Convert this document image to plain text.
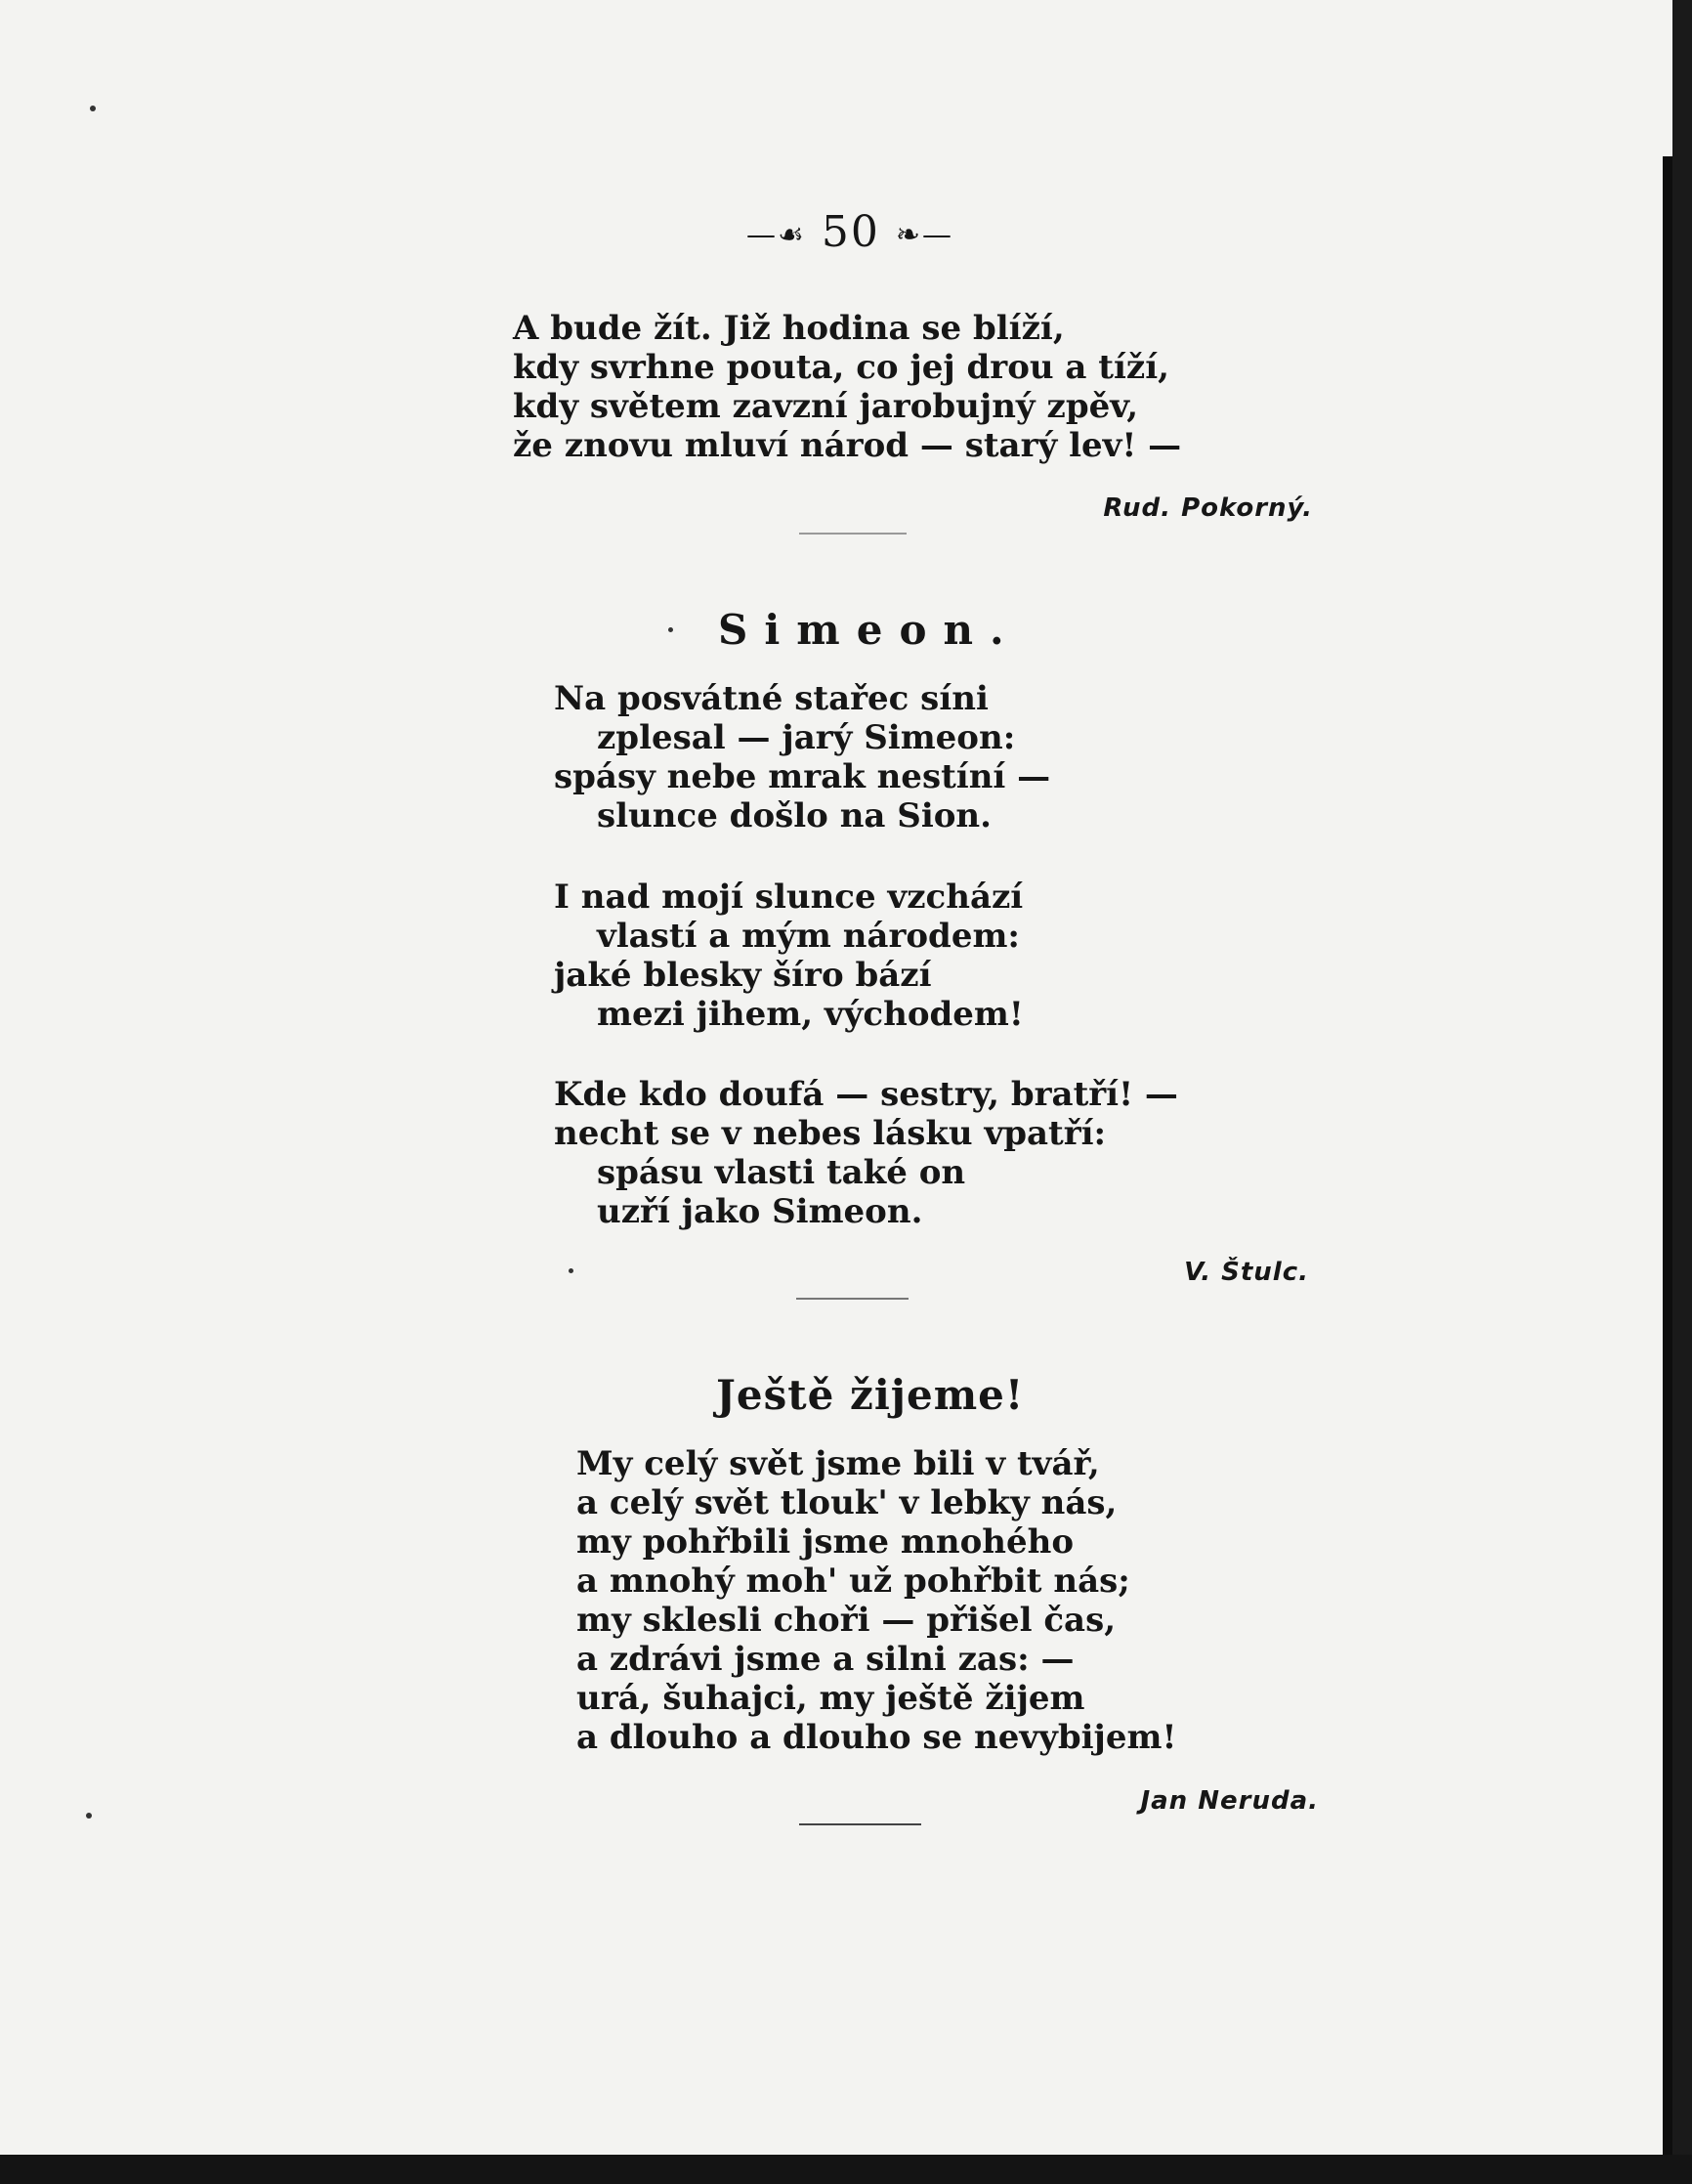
—☙ 50 ❧—
A bude žít. Již hodina se blíží,
kdy svrhne pouta, co jej drou a tíží,
kdy světem zavzní jarobujný zpěv,
že znovu mluví národ — starý lev! —
Rud. Pokorný.
Simeon.
Na posvátné stařec síni
zplesal — jarý Simeon:
spásy nebe mrak nestíní —
slunce došlo na Sion.
I nad mojí slunce vzchází
vlastí a mým národem:
jaké blesky šíro bází
mezi jihem, východem!
Kde kdo doufá — sestry, bratří! —
necht se v nebes lásku vpatří:
spásu vlasti také on
uzří jako Simeon.
V. Štulc.
Ještě žijeme!
My celý svět jsme bili v tvář,
a celý svět tlouk' v lebky nás,
my pohřbili jsme mnohého
a mnohý moh' už pohřbit nás;
my sklesli choři — přišel čas,
a zdrávi jsme a silni zas: —
urá, šuhajci, my ještě žijem
a dlouho a dlouho se nevybijem!
Jan Neruda.
